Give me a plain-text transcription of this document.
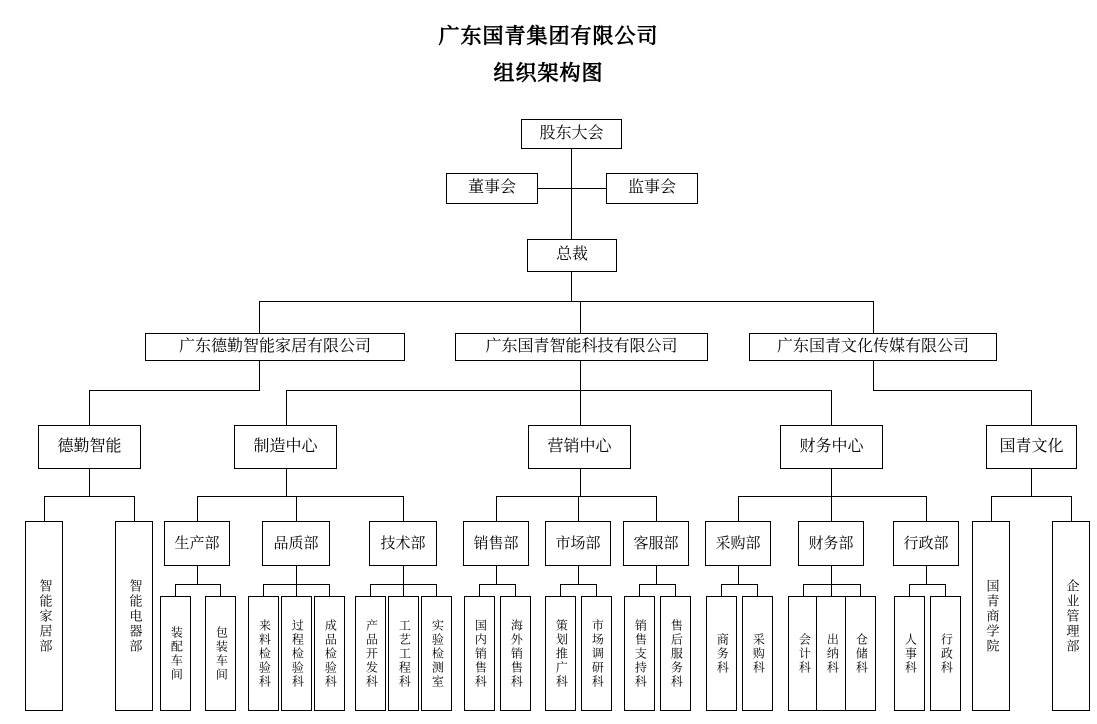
广东国青集团有限公司
组织架构图
股东大会
董事会	监事会
总裁
广东德勤智能家居有限公司	广东国青智能科技有限公司	广东国青文化传媒有限公司
德勤智能	制造中心	营销中心	财务中心	国青文化
生产部	品质部	技术部	销售部	市场部	客服部	采购部	财务部	行政部
智能家居部	智能电器部	国青商学院	企业管理部
装配车间	包装车间	来料检验科	过程检验科	成品检验科	产品开发科	工艺工程科	实验检测室	国内销售科	海外销售科	策划推广科	市场调研科	销售支持科	售后服务科	商务科	采购科	会计科	出纳科	仓储科	人事科	行政科
